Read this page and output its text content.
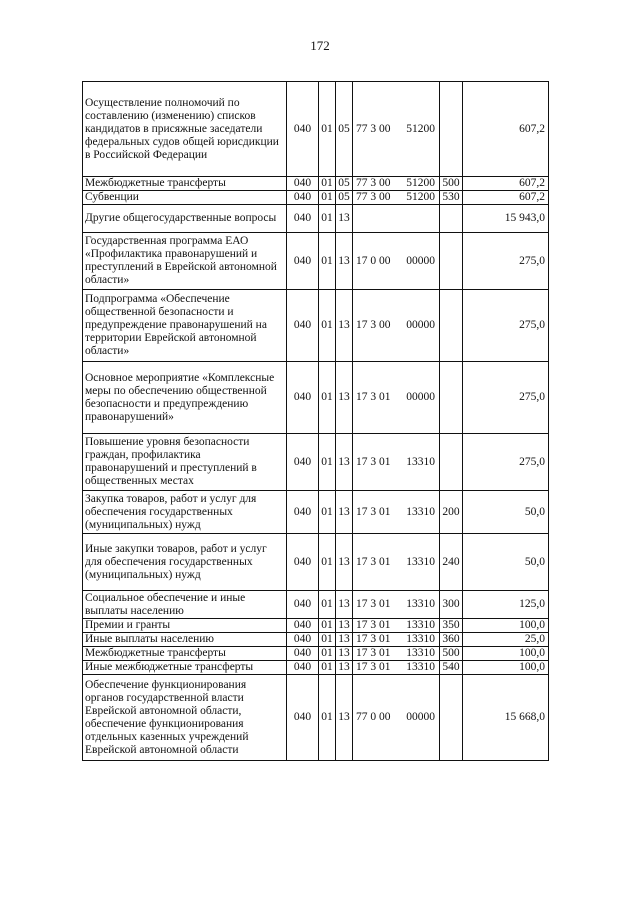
172
Осуществление полномочий по составлению (изменению) списков кандидатов в присяжные заседатели федеральных судов общей юрисдикции в Российской Федерации	040	01	05	77 3 00	51200		607,2
Межбюджетные трансферты	040	01	05	77 3 00	51200	500	607,2
Субвенции	040	01	05	77 3 00	51200	530	607,2
Другие общегосударственные вопросы	040	01	13				15 943,0
Государственная программа ЕАО «Профилактика правонарушений и преступлений в Еврейской автономной области»	040	01	13	17 0 00	00000		275,0
Подпрограмма «Обеспечение общественной безопасности и предупреждение правонарушений на территории Еврейской автономной области»	040	01	13	17 3 00	00000		275,0
Основное мероприятие «Комплексные меры по обеспечению общественной безопасности и предупреждению правонарушений»	040	01	13	17 3 01	00000		275,0
Повышение уровня безопасности граждан, профилактика правонарушений и преступлений в общественных местах	040	01	13	17 3 01	13310		275,0
Закупка товаров, работ и услуг для обеспечения государственных (муниципальных) нужд	040	01	13	17 3 01	13310	200	50,0
Иные закупки товаров, работ и услуг для обеспечения государственных (муниципальных) нужд	040	01	13	17 3 01	13310	240	50,0
Социальное обеспечение и иные выплаты населению	040	01	13	17 3 01	13310	300	125,0
Премии и гранты	040	01	13	17 3 01	13310	350	100,0
Иные выплаты населению	040	01	13	17 3 01	13310	360	25,0
Межбюджетные трансферты	040	01	13	17 3 01	13310	500	100,0
Иные межбюджетные трансферты	040	01	13	17 3 01	13310	540	100,0
Обеспечение функционирования органов государственной власти Еврейской автономной области, обеспечение функционирования отдельных казенных учреждений Еврейской автономной области	040	01	13	77 0 00	00000		15 668,0
